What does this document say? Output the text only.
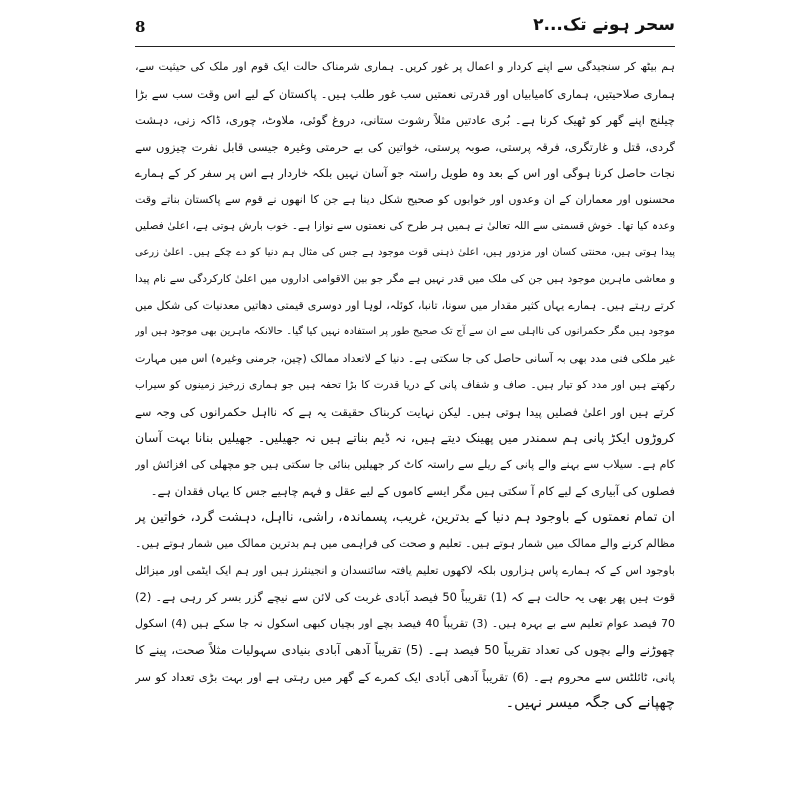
8	سحر ہونے تک...۲
ہم بیٹھ کر سنجیدگی سے اپنے کردار و اعمال پر غور کریں۔ ہماری شرمناک حالت ایک قوم اور ملک کی حیثیت سے،
ہماری صلاحیتیں، ہماری کامیابیاں اور قدرتی نعمتیں سب غور طلب ہیں۔ پاکستان کے لیے اس وقت سب سے بڑا
چیلنج اپنے گھر کو ٹھیک کرنا ہے۔ بُری عادتیں مثلاً رشوت ستانی، دروغ گوئی، ملاوٹ، چوری، ڈاکہ زنی، دہشت
گردی، قتل و غارتگری، فرقہ پرستی، صوبہ پرستی، خواتین کی بے حرمتی وغیرہ جیسی قابل نفرت چیزوں سے
نجات حاصل کرنا ہوگی اور اس کے بعد وہ طویل راستہ جو آسان نہیں بلکہ خاردار ہے اس پر سفر کر کے ہمارے
محسنوں اور معماران کے ان وعدوں اور خوابوں کو صحیح شکل دینا ہے جن کا انھوں نے قوم سے پاکستان بناتے وقت
وعدہ کیا تھا۔ خوش قسمتی سے اللہ تعالیٰ نے ہمیں ہر طرح کی نعمتوں سے نوازا ہے۔ خوب بارش ہوتی ہے، اعلیٰ فصلیں
پیدا ہوتی ہیں، محنتی کسان اور مزدور ہیں، اعلیٰ ذہنی قوت موجود ہے جس کی مثال ہم دنیا کو دے چکے ہیں۔ اعلیٰ زرعی
و معاشی ماہرین موجود ہیں جن کی ملک میں قدر نہیں ہے مگر جو بین الاقوامی اداروں میں اعلیٰ کارکردگی سے نام پیدا
کرتے رہتے ہیں۔ ہمارے یہاں کثیر مقدار میں سونا، تانبا، کوئلہ، لوہا اور دوسری قیمتی دھاتیں معدنیات کی شکل میں
موجود ہیں مگر حکمرانوں کی نااہلی سے ان سے آج تک صحیح طور پر استفادہ نہیں کیا گیا۔ حالانکہ ماہرین بھی موجود ہیں اور
غیر ملکی فنی مدد بھی بہ آسانی حاصل کی جا سکتی ہے۔ دنیا کے لاتعداد ممالک (چین، جرمنی وغیرہ) اس میں مہارت
رکھتے ہیں اور مدد کو تیار ہیں۔ صاف و شفاف پانی کے دریا قدرت کا بڑا تحفہ ہیں جو ہماری زرخیز زمینوں کو سیراب
کرتے ہیں اور اعلیٰ فصلیں پیدا ہوتی ہیں۔ لیکن نہایت کربناک حقیقت یہ ہے کہ نااہل حکمرانوں کی وجہ سے
کروڑوں ایکڑ پانی ہم سمندر میں پھینک دیتے ہیں، نہ ڈیم بناتے ہیں نہ جھیلیں۔ جھیلیں بنانا بہت آسان
کام ہے۔ سیلاب سے بہنے والے پانی کے ریلے سے راستہ کاٹ کر جھیلیں بنائی جا سکتی ہیں جو مچھلی کی افزائش اور
فصلوں کی آبیاری کے لیے کام آ سکتی ہیں مگر ایسے کاموں کے لیے عقل و فہم چاہیے جس کا یہاں فقدان ہے۔
ان تمام نعمتوں کے باوجود ہم دنیا کے بدترین، غریب، پسماندہ، راشی، نااہل، دہشت گرد، خواتین پر
مظالم کرنے والے ممالک میں شمار ہوتے ہیں۔ تعلیم و صحت کی فراہمی میں ہم بدترین ممالک میں شمار ہوتے ہیں۔
باوجود اس کے کہ ہمارے پاس ہزاروں بلکہ لاکھوں تعلیم یافتہ سائنسدان و انجینئرز ہیں اور ہم ایک ایٹمی اور میزائل
قوت ہیں پھر بھی یہ حالت ہے کہ (1) تقریباً 50 فیصد آبادی غربت کی لائن سے نیچے گزر بسر کر رہی ہے۔ (2)
70 فیصد عوام تعلیم سے بے بہرہ ہیں۔ (3) تقریباً 40 فیصد بچے اور بچیاں کبھی اسکول نہ جا سکے ہیں (4) اسکول
چھوڑنے والے بچوں کی تعداد تقریباً 50 فیصد ہے۔ (5) تقریباً آدھی آبادی بنیادی سہولیات مثلاً صحت، پینے کا
پانی، ٹائلٹس سے محروم ہے۔ (6) تقریباً آدھی آبادی ایک کمرے کے گھر میں رہتی ہے اور بہت بڑی تعداد کو سر
چھپانے کی جگہ میسر نہیں۔
